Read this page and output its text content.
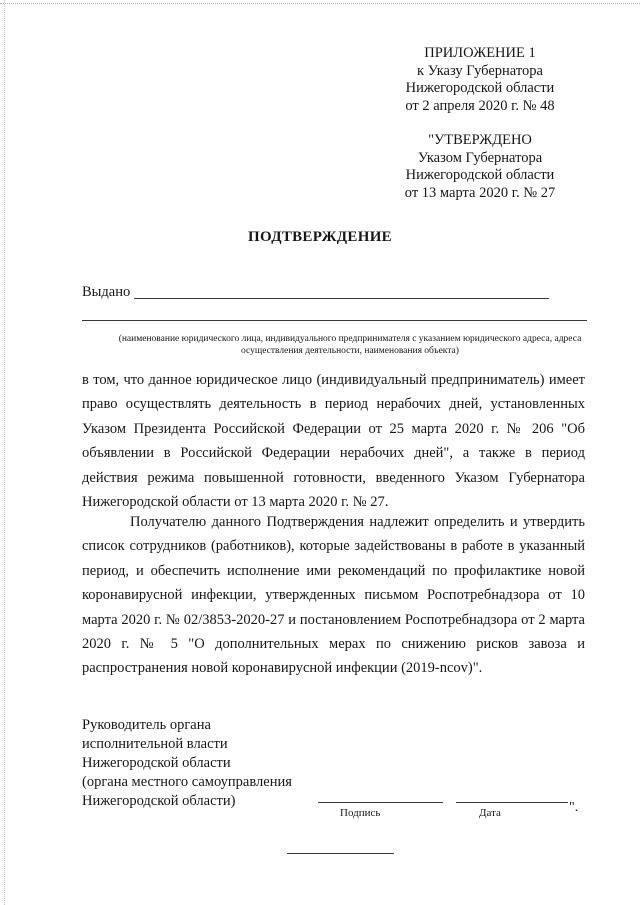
ПРИЛОЖЕНИЕ 1
к Указу Губернатора
Нижегородской области
от 2 апреля 2020 г. № 48
"УТВЕРЖДЕНО
Указом Губернатора
Нижегородской области
от 13 марта 2020 г. № 27
ПОДТВЕРЖДЕНИЕ
Выдано
(наименование юридического лица, индивидуального предпринимателя с указанием юридического адреса, адреса осуществления деятельности, наименования объекта)
в том, что данное юридическое лицо (индивидуальный предприниматель) имеет право осуществлять деятельность в период нерабочих дней, установленных Указом Президента Российской Федерации от 25 марта 2020 г. № 206 "Об объявлении в Российской Федерации нерабочих дней", а также в период действия режима повышенной готовности, введенного Указом Губернатора Нижегородской области от 13 марта 2020 г. № 27.
Получателю данного Подтверждения надлежит определить и утвердить список сотрудников (работников), которые задействованы в работе в указанный период, и обеспечить исполнение ими рекомендаций по профилактике новой коронавирусной инфекции, утвержденных письмом Роспотребнадзора от 10 марта 2020 г. № 02/3853-2020-27 и постановлением Роспотребнадзора от 2 марта 2020 г. № 5 "О дополнительных мерах по снижению рисков завоза и распространения новой коронавирусной инфекции (2019-ncov)".
Руководитель органа
исполнительной власти
Нижегородской области
(органа местного самоуправления
Нижегородской области)
Подпись	Дата	".
